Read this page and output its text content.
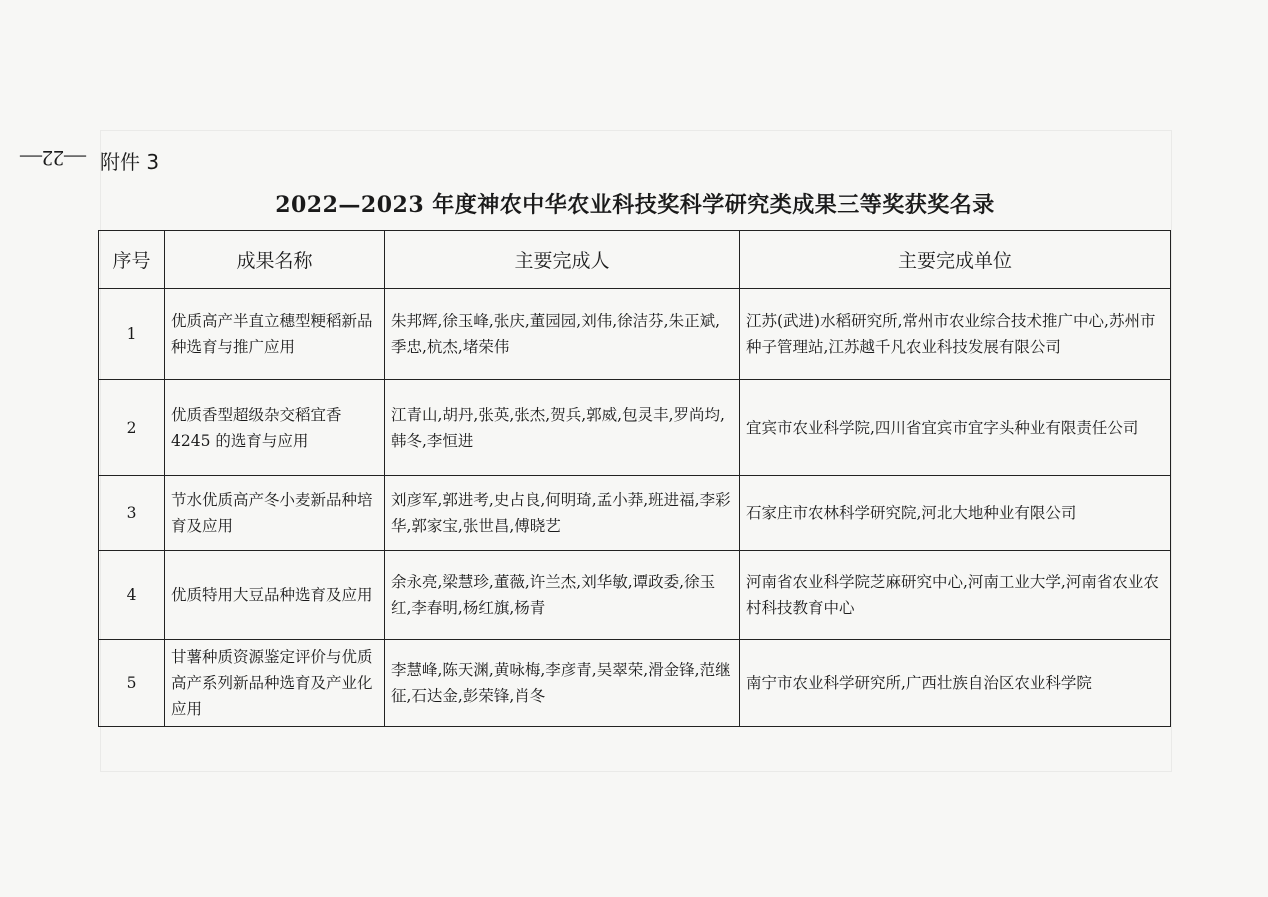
—22— 附件 3
2022—2023 年度神农中华农业科技奖科学研究类成果三等奖获奖名录
序号	成果名称	主要完成人	主要完成单位
1	优质高产半直立穗型粳稻新品种选育与推广应用	朱邦辉,徐玉峰,张庆,董园园,刘伟,徐洁芬,朱正斌,季忠,杭杰,堵荣伟	江苏(武进)水稻研究所,常州市农业综合技术推广中心,苏州市种子管理站,江苏越千凡农业科技发展有限公司
2	优质香型超级杂交稻宜香4245 的选育与应用	江青山,胡丹,张英,张杰,贺兵,郭威,包灵丰,罗尚均,韩冬,李恒进	宜宾市农业科学院,四川省宜宾市宜字头种业有限责任公司
3	节水优质高产冬小麦新品种培育及应用	刘彦军,郭进考,史占良,何明琦,孟小莽,班进福,李彩华,郭家宝,张世昌,傅晓艺	石家庄市农林科学研究院,河北大地种业有限公司
4	优质特用大豆品种选育及应用	余永亮,梁慧珍,董薇,许兰杰,刘华敏,谭政委,徐玉红,李春明,杨红旗,杨青	河南省农业科学院芝麻研究中心,河南工业大学,河南省农业农村科技教育中心
5	甘薯种质资源鉴定评价与优质高产系列新品种选育及产业化应用	李慧峰,陈天渊,黄咏梅,李彦青,吴翠荣,滑金锋,范继征,石达金,彭荣锋,肖冬	南宁市农业科学研究所,广西壮族自治区农业科学院
